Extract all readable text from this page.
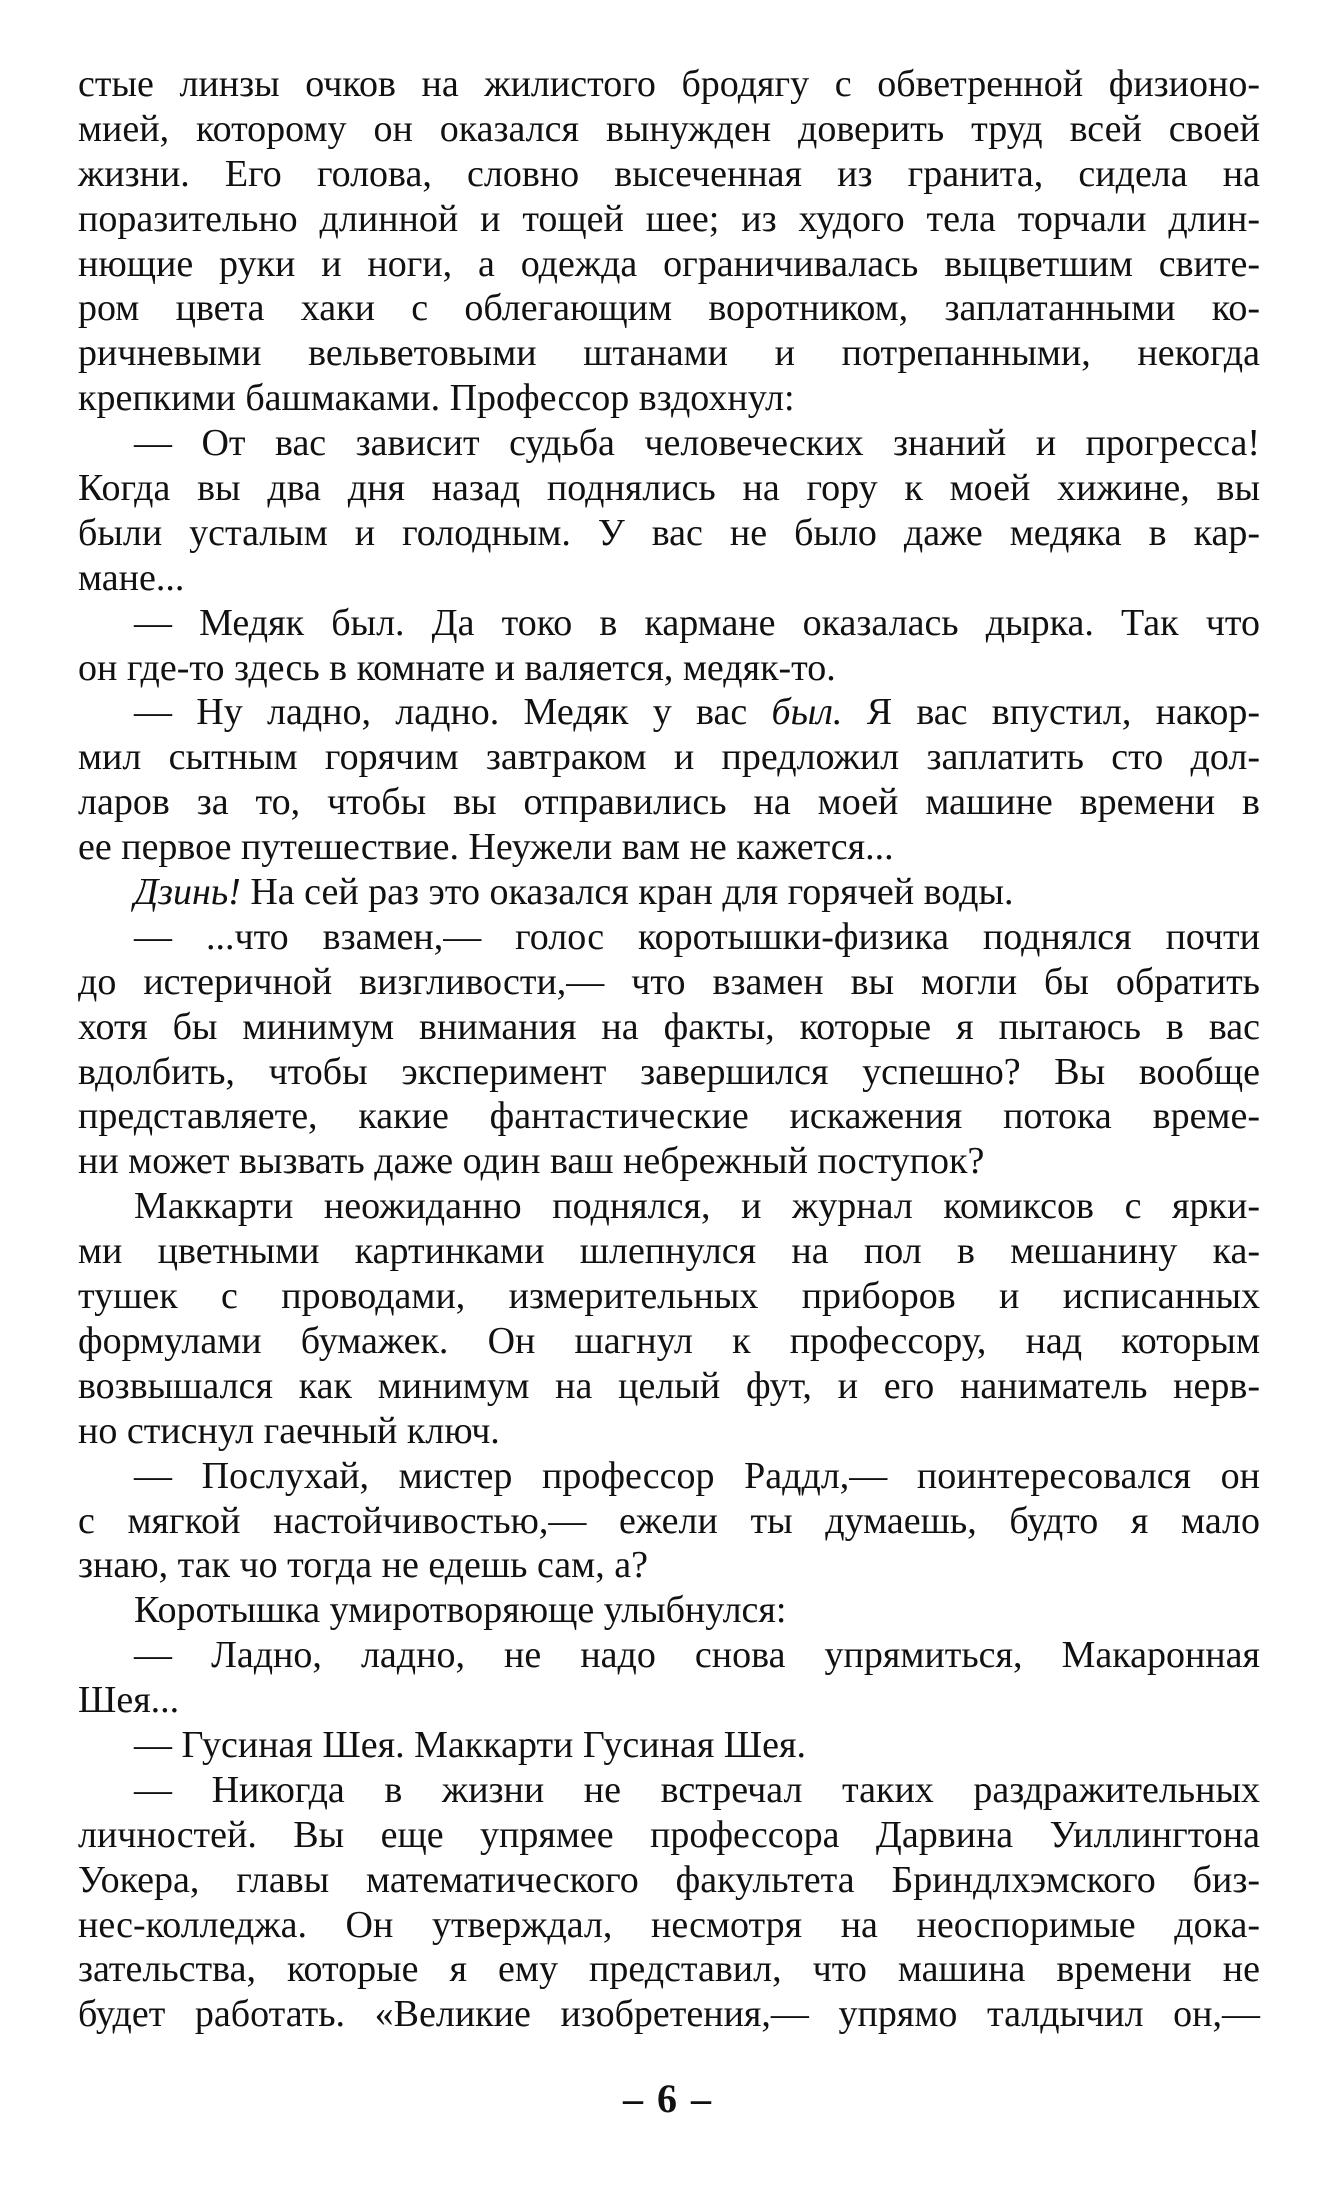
стые линзы очков на жилистого бродягу с обветренной физионо-
мией, которому он оказался вынужден доверить труд всей своей
жизни. Его голова, словно высеченная из гранита, сидела на
поразительно длинной и тощей шее; из худого тела торчали длин-
нющие руки и ноги, а одежда ограничивалась выцветшим свите-
ром цвета хаки с облегающим воротником, заплатанными ко-
ричневыми вельветовыми штанами и потрепанными, некогда
крепкими башмаками. Профессор вздохнул:
— От вас зависит судьба человеческих знаний и прогресса!
Когда вы два дня назад поднялись на гору к моей хижине, вы
были усталым и голодным. У вас не было даже медяка в кар-
мане...
— Медяк был. Да токо в кармане оказалась дырка. Так что
он где-то здесь в комнате и валяется, медяк-то.
— Ну ладно, ладно. Медяк у вас был. Я вас впустил, накор-
мил сытным горячим завтраком и предложил заплатить сто дол-
ларов за то, чтобы вы отправились на моей машине времени в
ее первое путешествие. Неужели вам не кажется...
Дзинь! На сей раз это оказался кран для горячей воды.
— ...что взамен,— голос коротышки-физика поднялся почти
до истеричной визгливости,— что взамен вы могли бы обратить
хотя бы минимум внимания на факты, которые я пытаюсь в вас
вдолбить, чтобы эксперимент завершился успешно? Вы вообще
представляете, какие фантастические искажения потока време-
ни может вызвать даже один ваш небрежный поступок?
Маккарти неожиданно поднялся, и журнал комиксов с ярки-
ми цветными картинками шлепнулся на пол в мешанину ка-
тушек с проводами, измерительных приборов и исписанных
формулами бумажек. Он шагнул к профессору, над которым
возвышался как минимум на целый фут, и его наниматель нерв-
но стиснул гаечный ключ.
— Послухай, мистер профессор Раддл,— поинтересовался он
с мягкой настойчивостью,— ежели ты думаешь, будто я мало
знаю, так чо тогда не едешь сам, а?
Коротышка умиротворяюще улыбнулся:
— Ладно, ладно, не надо снова упрямиться, Макаронная
Шея...
— Гусиная Шея. Маккарти Гусиная Шея.
— Никогда в жизни не встречал таких раздражительных
личностей. Вы еще упрямее профессора Дарвина Уиллингтона
Уокера, главы математического факультета Бриндлхэмского биз-
нес-колледжа. Он утверждал, несмотря на неоспоримые дока-
зательства, которые я ему представил, что машина времени не
будет работать. «Великие изобретения,— упрямо талдычил он,—
– 6 –
